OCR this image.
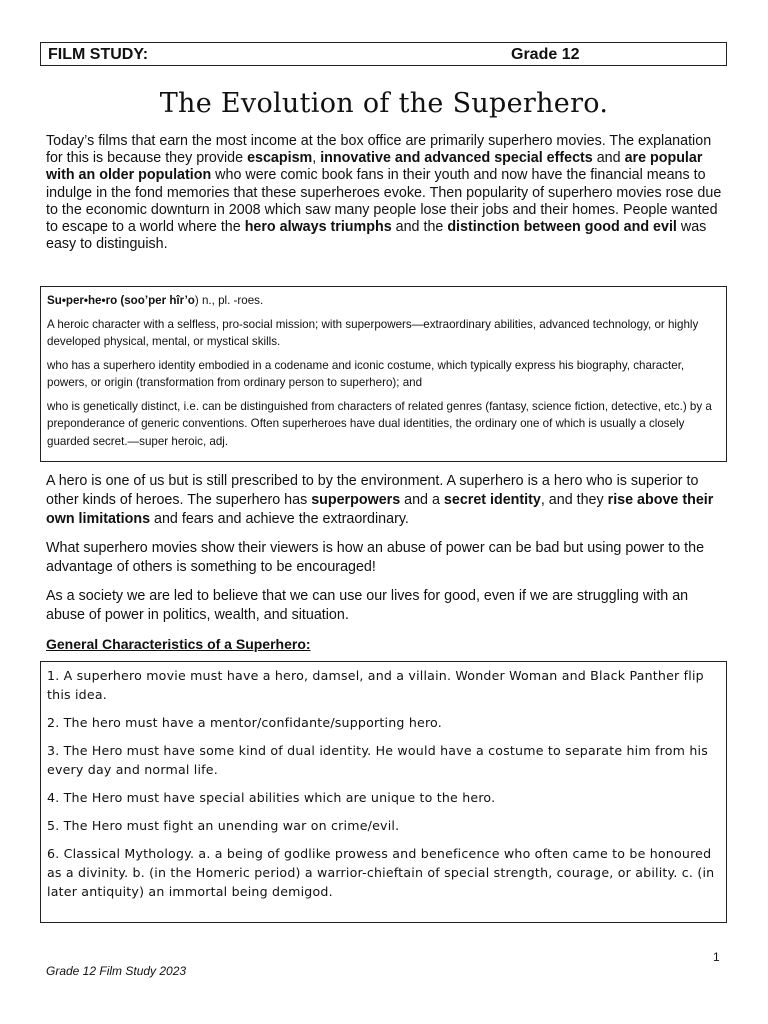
FILM STUDY:	Grade 12
The Evolution of the Superhero.
Today’s films that earn the most income at the box office are primarily superhero movies. The explanation for this is because they provide escapism, innovative and advanced special effects and are popular with an older population who were comic book fans in their youth and now have the financial means to indulge in the fond memories that these superheroes evoke. Then popularity of superhero movies rose due to the economic downturn in 2008 which saw many people lose their jobs and their homes. People wanted to escape to a world where the hero always triumphs and the distinction between good and evil was easy to distinguish.

Su•per•he•ro (soo’per hîr’o) n., pl. -roes.

A heroic character with a selfless, pro-social mission; with superpowers—extraordinary abilities, advanced technology, or highly developed physical, mental, or mystical skills.

who has a superhero identity embodied in a codename and iconic costume, which typically express his biography, character, powers, or origin (transformation from ordinary person to superhero); and

who is genetically distinct, i.e. can be distinguished from characters of related genres (fantasy, science fiction, detective, etc.) by a preponderance of generic conventions. Often superheroes have dual identities, the ordinary one of which is usually a closely guarded secret.—super heroic, adj.

A hero is one of us but is still prescribed to by the environment. A superhero is a hero who is superior to other kinds of heroes. The superhero has superpowers and a secret identity, and they rise above their own limitations and fears and achieve the extraordinary.
What superhero movies show their viewers is how an abuse of power can be bad but using power to the advantage of others is something to be encouraged!
As a society we are led to believe that we can use our lives for good, even if we are struggling with an abuse of power in politics, wealth, and situation.
General Characteristics of a Superhero:

1. A superhero movie must have a hero, damsel, and a villain. Wonder Woman and Black Panther flip this idea.

2. The hero must have a mentor/confidante/supporting hero.

3. The Hero must have some kind of dual identity. He would have a costume to separate him from his every day and normal life.

4. The Hero must have special abilities which are unique to the hero.

5. The Hero must fight an unending war on crime/evil.

6. Classical Mythology. a. a being of godlike prowess and beneficence who often came to be honoured as a divinity. b. (in the Homeric period) a warrior-chieftain of special strength, courage, or ability. c. (in later antiquity) an immortal being demigod.

1
Grade 12 Film Study 2023
